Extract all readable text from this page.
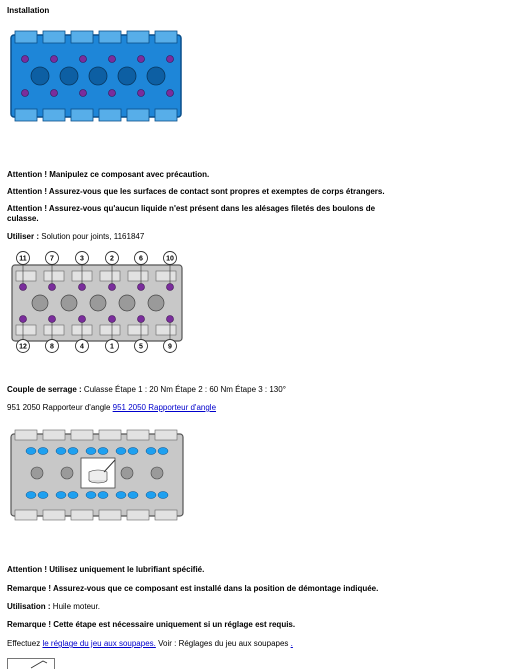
Installation
Attention ! Manipulez ce composant avec précaution.
Attention ! Assurez-vous que les surfaces de contact sont propres et exemptes de corps étrangers.
Attention ! Assurez-vous qu'aucun liquide n'est présent dans les alésages filetés des boulons de culasse.
Utiliser : Solution pour joints, 1161847
11	7	3	2	6	10
12	8	4	1	5	9
Couple de serrage : Culasse Étape 1 : 20 Nm Étape 2 : 60 Nm Étape 3 : 130°
951 2050 Rapporteur d'angle 951 2050 Rapporteur d'angle
Attention ! Utilisez uniquement le lubrifiant spécifié.
Remarque ! Assurez-vous que ce composant est installé dans la position de démontage indiquée.
Utilisation : Huile moteur.
Remarque ! Cette étape est nécessaire uniquement si un réglage est requis.
Effectuez le réglage du jeu aux soupapes. Voir : Réglages du jeu aux soupapes .
